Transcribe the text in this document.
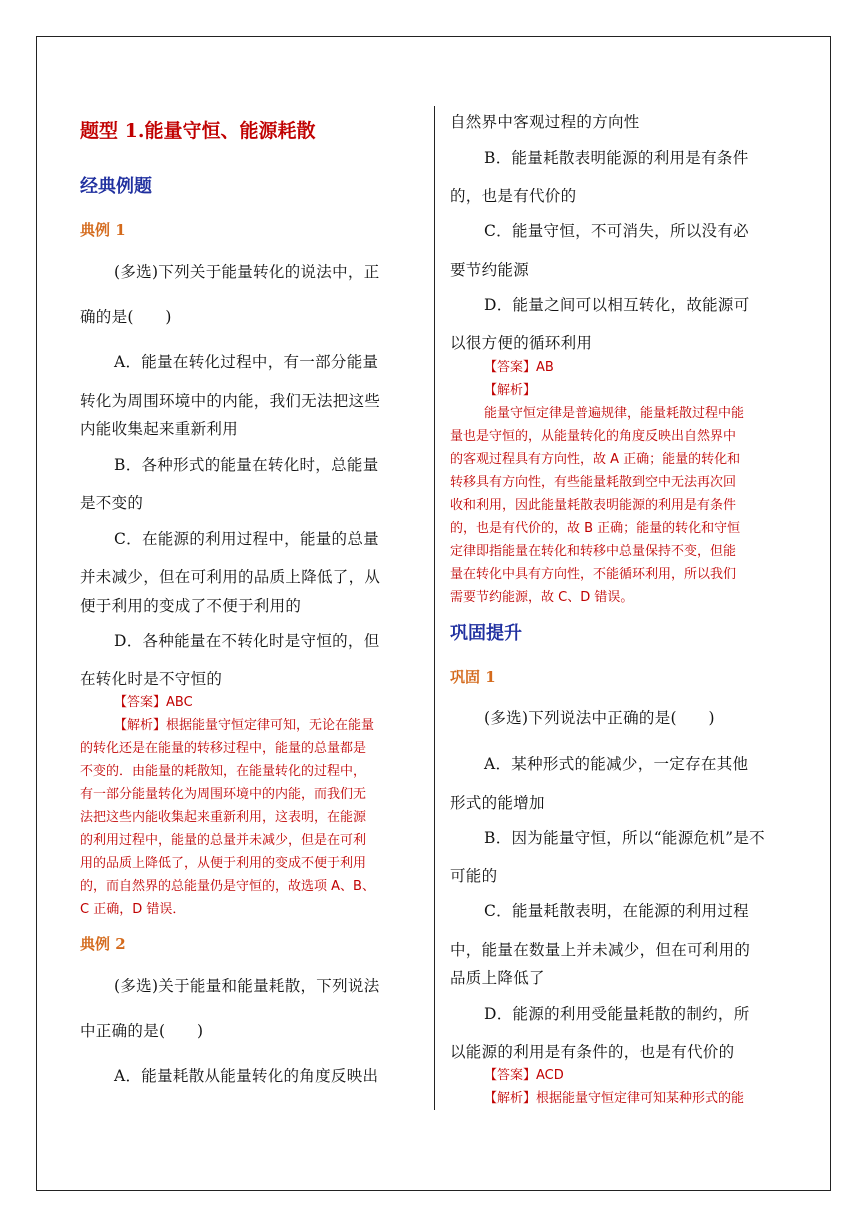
题型 1.能量守恒、能源耗散
经典例题
典例 1
(多选)下列关于能量转化的说法中，正
确的是(　　)
A．能量在转化过程中，有一部分能量
转化为周围环境中的内能，我们无法把这些
内能收集起来重新利用
B．各种形式的能量在转化时，总能量
是不变的
C．在能源的利用过程中，能量的总量
并未减少，但在可利用的品质上降低了，从
便于利用的变成了不便于利用的
D．各种能量在不转化时是守恒的，但
在转化时是不守恒的
【答案】ABC
【解析】根据能量守恒定律可知，无论在能量
的转化还是在能量的转移过程中，能量的总量都是
不变的．由能量的耗散知，在能量转化的过程中，
有一部分能量转化为周围环境中的内能，而我们无
法把这些内能收集起来重新利用，这表明，在能源
的利用过程中，能量的总量并未减少，但是在可利
用的品质上降低了，从便于利用的变成不便于利用
的，而自然界的总能量仍是守恒的，故选项 A、B、
C 正确，D 错误．
典例 2
(多选)关于能量和能量耗散，下列说法
中正确的是(　　)
A．能量耗散从能量转化的角度反映出
自然界中客观过程的方向性
B．能量耗散表明能源的利用是有条件
的，也是有代价的
C．能量守恒，不可消失，所以没有必
要节约能源
D．能量之间可以相互转化，故能源可
以很方便的循环利用
【答案】AB
【解析】
能量守恒定律是普遍规律，能量耗散过程中能
量也是守恒的，从能量转化的角度反映出自然界中
的客观过程具有方向性，故 A 正确；能量的转化和
转移具有方向性，有些能量耗散到空中无法再次回
收和利用，因此能量耗散表明能源的利用是有条件
的，也是有代价的，故 B 正确；能量的转化和守恒
定律即指能量在转化和转移中总量保持不变，但能
量在转化中具有方向性，不能循环利用，所以我们
需要节约能源，故 C、D 错误。
巩固提升
巩固 1
(多选)下列说法中正确的是(　　)
A．某种形式的能减少，一定存在其他
形式的能增加
B．因为能量守恒，所以“能源危机”是不
可能的
C．能量耗散表明，在能源的利用过程
中，能量在数量上并未减少，但在可利用的
品质上降低了
D．能源的利用受能量耗散的制约，所
以能源的利用是有条件的，也是有代价的
【答案】ACD
【解析】根据能量守恒定律可知某种形式的能
